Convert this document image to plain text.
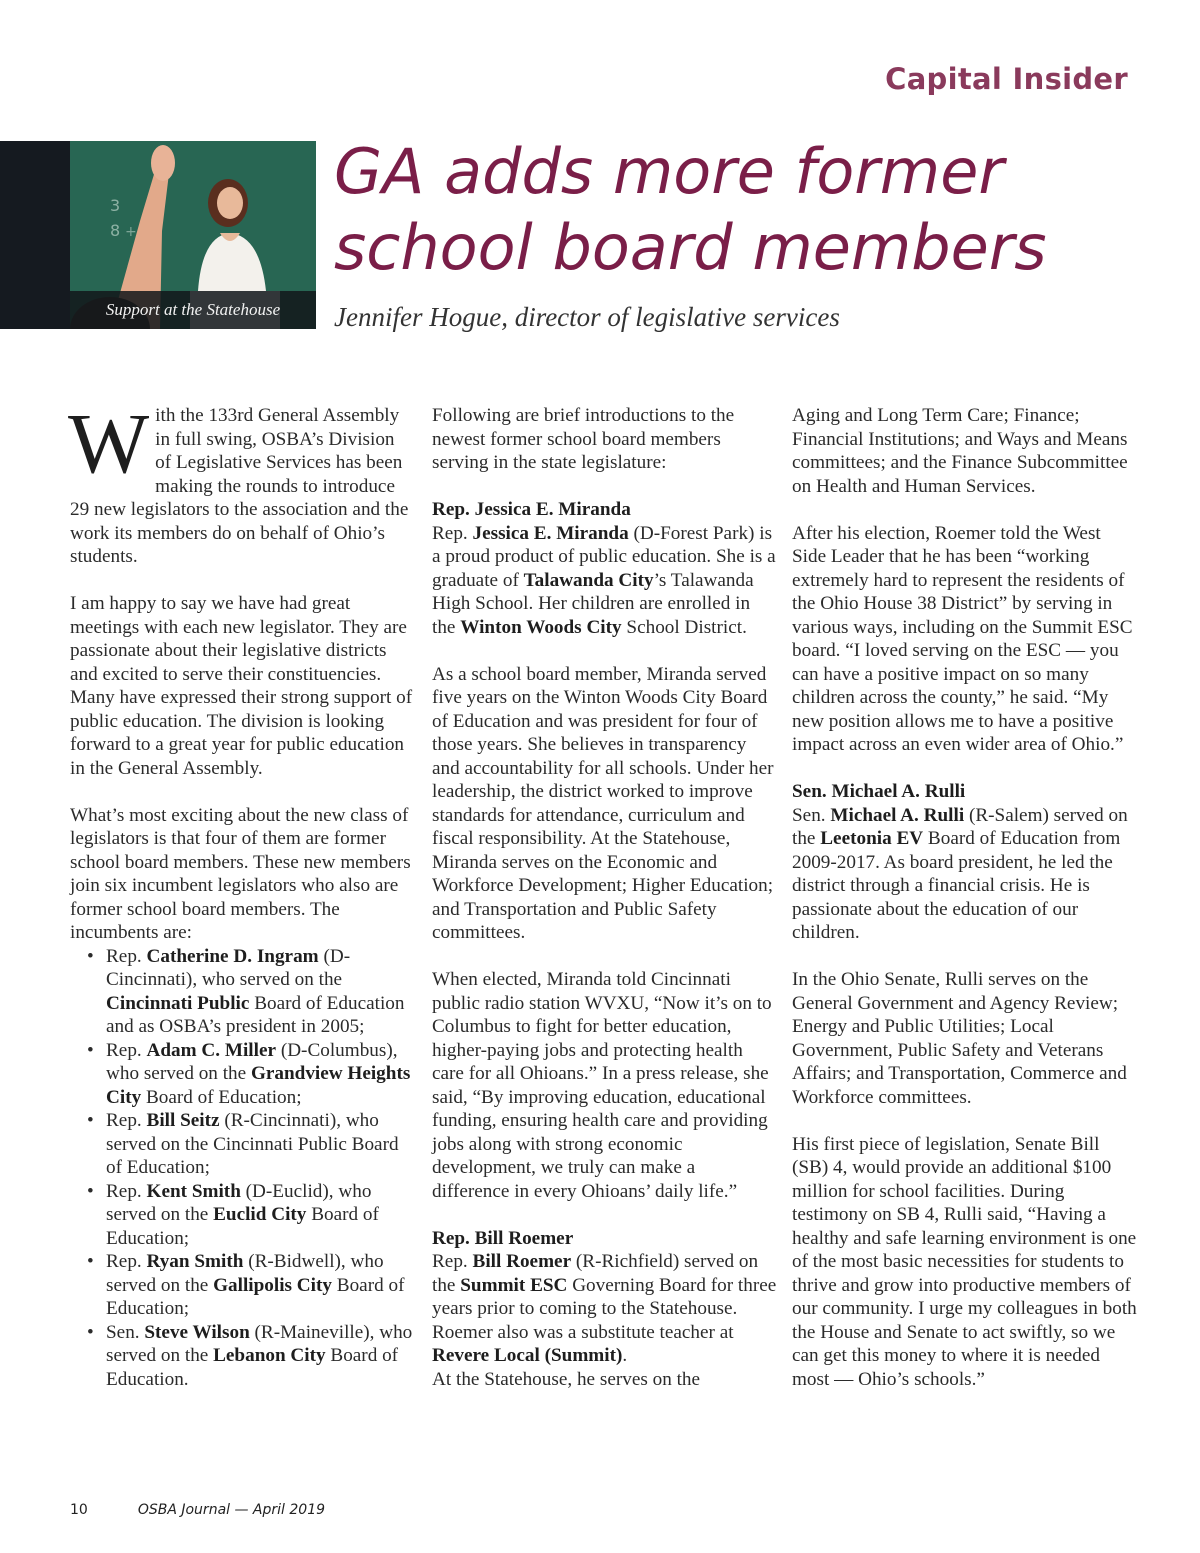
Capital Insider
3
8 +
Support at the Statehouse
GA adds more former
school board members
Jennifer Hogue, director of legislative services

With the 133rd General Assembly in full swing, OSBA’s Division of Legislative Services has been making the rounds to introduce 29 new legislators to the association and the work its members do on behalf of Ohio’s students.

I am happy to say we have had great meetings with each new legislator. They are passionate about their legislative districts and excited to serve their constituencies. Many have expressed their strong support of public education. The division is looking forward to a great year for public education in the General Assembly.

What’s most exciting about the new class of legislators is that four of them are former school board members. These new members join six incumbent legislators who also are former school board members. The incumbents are:

• Rep. Catherine D. Ingram (D-Cincinnati), who served on the Cincinnati Public Board of Education and as OSBA’s president in 2005;
• Rep. Adam C. Miller (D-Columbus), who served on the Grandview Heights City Board of Education;
• Rep. Bill Seitz (R-Cincinnati), who served on the Cincinnati Public Board of Education;
• Rep. Kent Smith (D-Euclid), who served on the Euclid City Board of Education;
• Rep. Ryan Smith (R-Bidwell), who served on the Gallipolis City Board of Education;
• Sen. Steve Wilson (R-Maineville), who served on the Lebanon City Board of Education.

Following are brief introductions to the newest former school board members serving in the state legislature:

Rep. Jessica E. Miranda
Rep. Jessica E. Miranda (D-Forest Park) is a proud product of public education. She is a graduate of Talawanda City’s Talawanda High School. Her children are enrolled in the Winton Woods City School District.

As a school board member, Miranda served five years on the Winton Woods City Board of Education and was president for four of those years. She believes in transparency and accountability for all schools. Under her leadership, the district worked to improve standards for attendance, curriculum and fiscal responsibility. At the Statehouse, Miranda serves on the Economic and Workforce Development; Higher Education; and Transportation and Public Safety committees.

When elected, Miranda told Cincinnati public radio station WVXU, “Now it’s on to Columbus to fight for better education, higher-paying jobs and protecting health care for all Ohioans.” In a press release, she said, “By improving education, educational funding, ensuring health care and providing jobs along with strong economic development, we truly can make a difference in every Ohioans’ daily life.”

Rep. Bill Roemer
Rep. Bill Roemer (R-Richfield) served on the Summit ESC Governing Board for three years prior to coming to the Statehouse. Roemer also was a substitute teacher at Revere Local (Summit).
At the Statehouse, he serves on the

Aging and Long Term Care; Finance; Financial Institutions; and Ways and Means committees; and the Finance Subcommittee on Health and Human Services.

After his election, Roemer told the West Side Leader that he has been “working extremely hard to represent the residents of the Ohio House 38 District” by serving in various ways, including on the Summit ESC board. “I loved serving on the ESC — you can have a positive impact on so many children across the county,” he said. “My new position allows me to have a positive impact across an even wider area of Ohio.”

Sen. Michael A. Rulli
Sen. Michael A. Rulli (R-Salem) served on the Leetonia EV Board of Education from 2009-2017. As board president, he led the district through a financial crisis. He is passionate about the education of our children.

In the Ohio Senate, Rulli serves on the General Government and Agency Review; Energy and Public Utilities; Local Government, Public Safety and Veterans Affairs; and Transportation, Commerce and Workforce committees.

His first piece of legislation, Senate Bill (SB) 4, would provide an additional $100 million for school facilities. During testimony on SB 4, Rulli said, “Having a healthy and safe learning environment is one of the most basic necessities for students to thrive and grow into productive members of our community. I urge my colleagues in both the House and Senate to act swiftly, so we can get this money to where it is needed most — Ohio’s schools.”

10	OSBA Journal — April 2019
